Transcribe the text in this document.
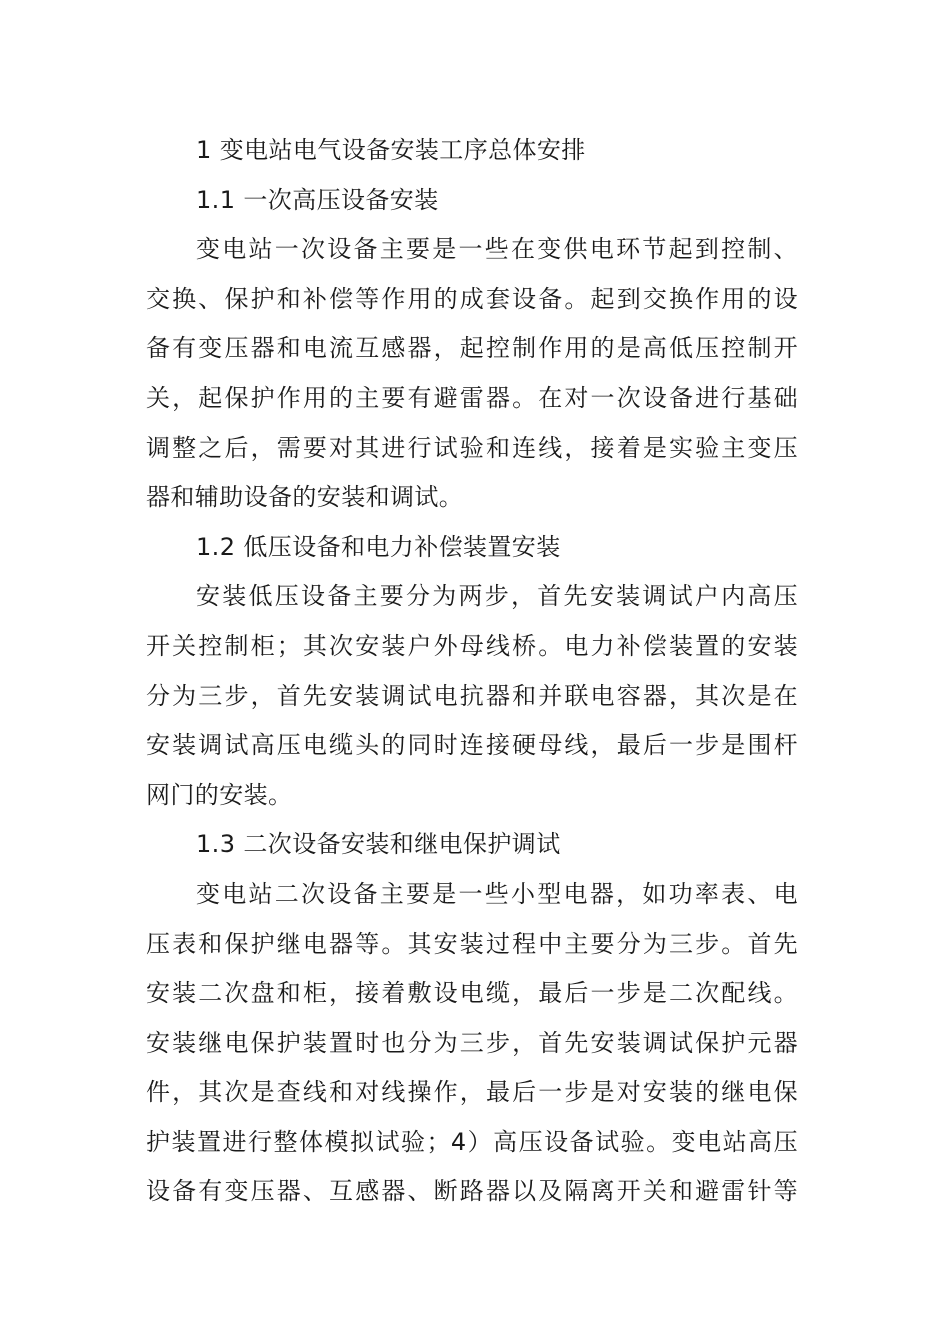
1 变电站电气设备安装工序总体安排
1.1 一次高压设备安装
变电站一次设备主要是一些在变供电环节起到控制、
交换、保护和补偿等作用的成套设备。起到交换作用的设
备有变压器和电流互感器，起控制作用的是高低压控制开
关，起保护作用的主要有避雷器。在对一次设备进行基础
调整之后，需要对其进行试验和连线，接着是实验主变压
器和辅助设备的安装和调试。
1.2 低压设备和电力补偿装置安装
安装低压设备主要分为两步，首先安装调试户内高压
开关控制柜；其次安装户外母线桥。电力补偿装置的安装
分为三步，首先安装调试电抗器和并联电容器，其次是在
安装调试高压电缆头的同时连接硬母线，最后一步是围杆
网门的安装。
1.3 二次设备安装和继电保护调试
变电站二次设备主要是一些小型电器，如功率表、电
压表和保护继电器等。其安装过程中主要分为三步。首先
安装二次盘和柜，接着敷设电缆，最后一步是二次配线。
安装继电保护装置时也分为三步，首先安装调试保护元器
件，其次是查线和对线操作，最后一步是对安装的继电保
护装置进行整体模拟试验；4）高压设备试验。变电站高压
设备有变压器、互感器、断路器以及隔离开关和避雷针等
